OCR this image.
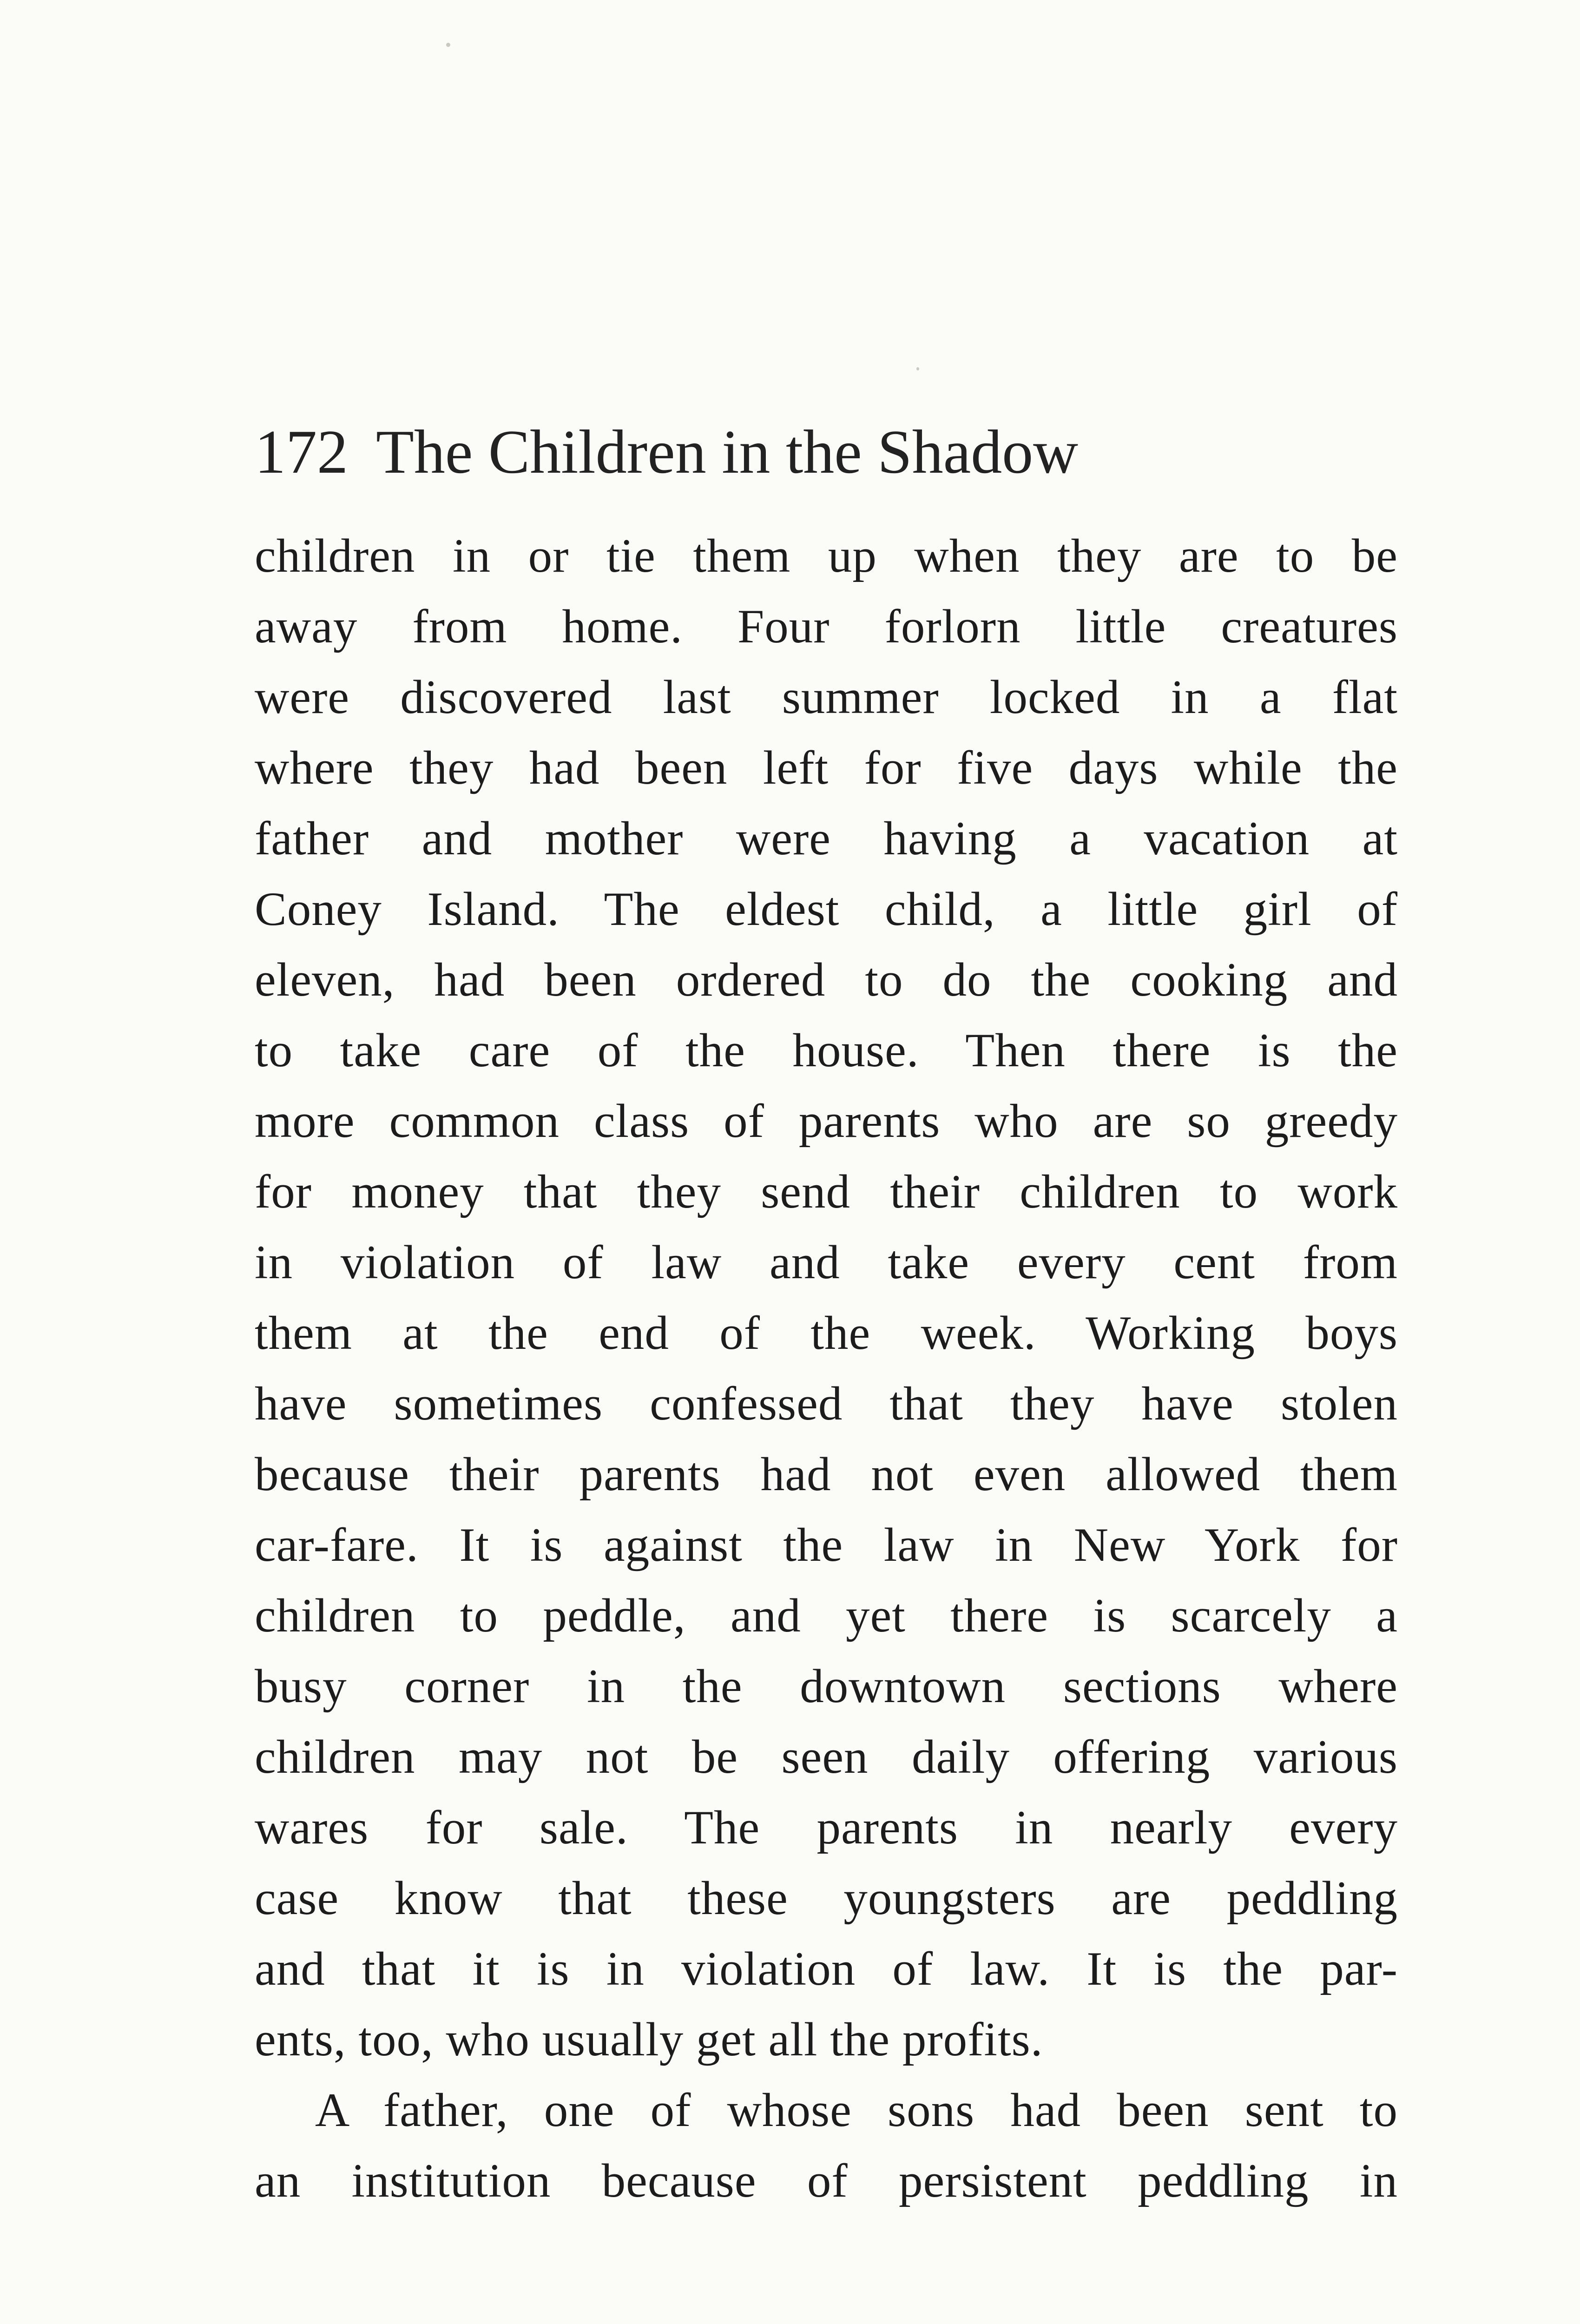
172 The Children in the Shadow
children in or tie them up when they are to be
away from home. Four forlorn little creatures
were discovered last summer locked in a flat
where they had been left for five days while the
father and mother were having a vacation at
Coney Island. The eldest child, a little girl of
eleven, had been ordered to do the cooking and
to take care of the house. Then there is the
more common class of parents who are so greedy
for money that they send their children to work
in violation of law and take every cent from
them at the end of the week. Working boys
have sometimes confessed that they have stolen
because their parents had not even allowed them
car-fare. It is against the law in New York for
children to peddle, and yet there is scarcely a
busy corner in the downtown sections where
children may not be seen daily offering various
wares for sale. The parents in nearly every
case know that these youngsters are peddling
and that it is in violation of law. It is the par-
ents, too, who usually get all the profits.
A father, one of whose sons had been sent to
an institution because of persistent peddling in
